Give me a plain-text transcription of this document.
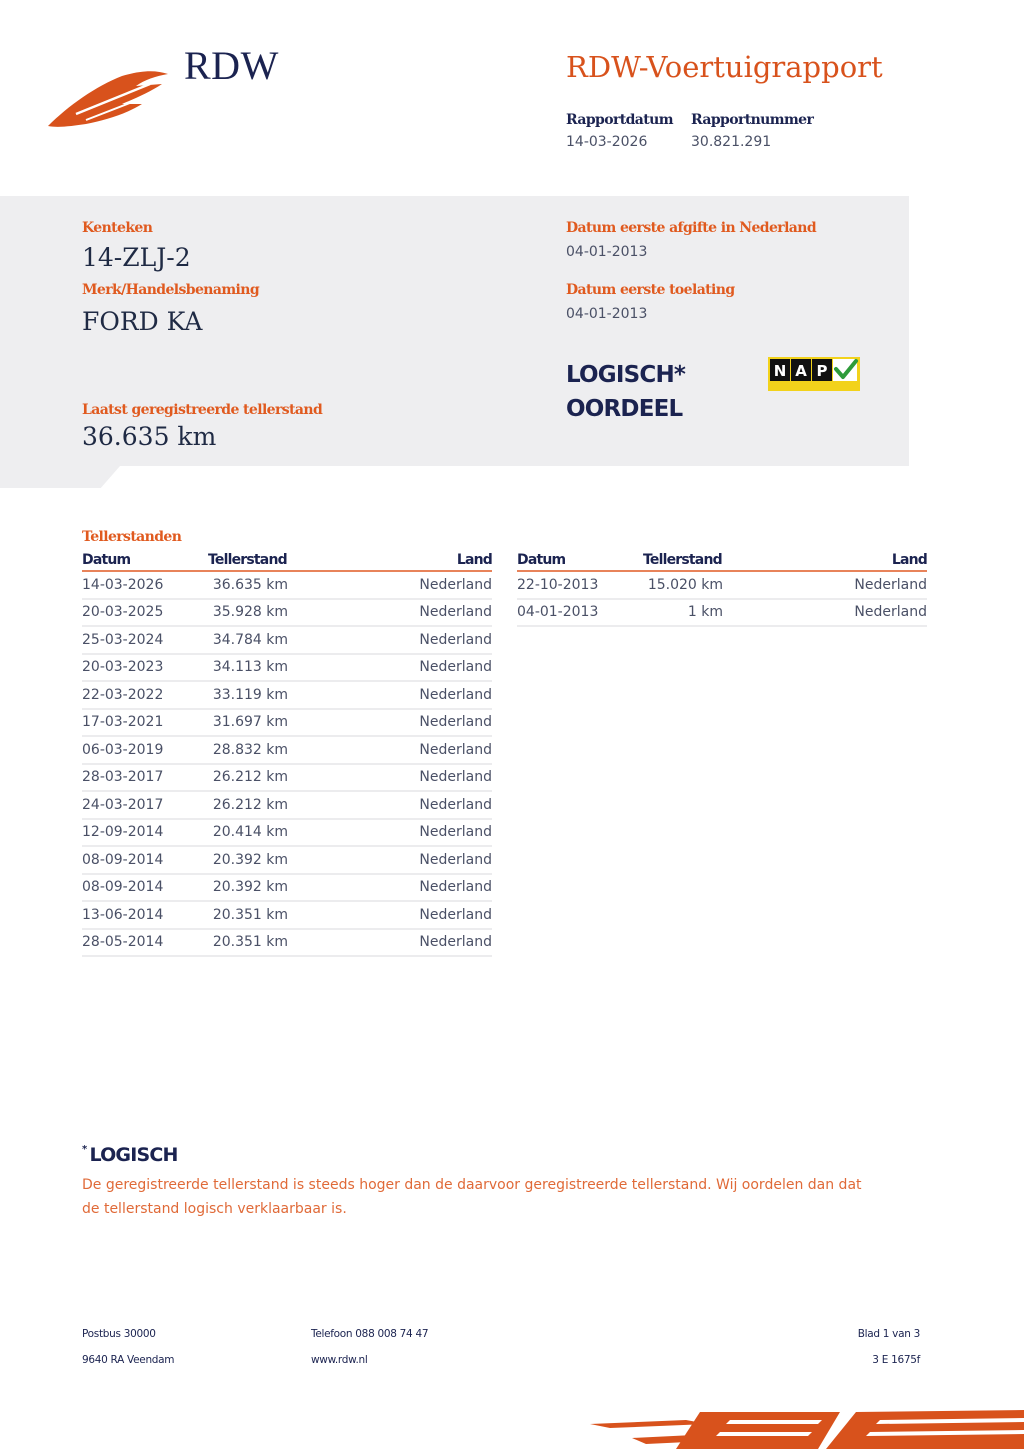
RDW	RDW-Voertuigrapport
Rapportdatum
14-03-2026
Rapportnummer
30.821.291
Kenteken
14-ZLJ-2
Merk/Handelsbenaming
FORD KA
Laatst geregistreerde tellerstand
36.635 km
Datum eerste afgifte in Nederland
04-01-2013
Datum eerste toelating
04-01-2013
LOGISCH*
OORDEEL
N A P
Tellerstanden
Datum	Tellerstand	Land
14-03-2026	36.635 km	Nederland
20-03-2025	35.928 km	Nederland
25-03-2024	34.784 km	Nederland
20-03-2023	34.113 km	Nederland
22-03-2022	33.119 km	Nederland
17-03-2021	31.697 km	Nederland
06-03-2019	28.832 km	Nederland
28-03-2017	26.212 km	Nederland
24-03-2017	26.212 km	Nederland
12-09-2014	20.414 km	Nederland
08-09-2014	20.392 km	Nederland
08-09-2014	20.392 km	Nederland
13-06-2014	20.351 km	Nederland
28-05-2014	20.351 km	Nederland
Datum	Tellerstand	Land
22-10-2013	15.020 km	Nederland
04-01-2013	1 km	Nederland
* LOGISCH
De geregistreerde tellerstand is steeds hoger dan de daarvoor geregistreerde tellerstand. Wij oordelen dan dat de tellerstand logisch verklaarbaar is.
Postbus 30000
9640 RA Veendam
Telefoon 088 008 74 47
www.rdw.nl
Blad 1 van 3
3 E 1675f
